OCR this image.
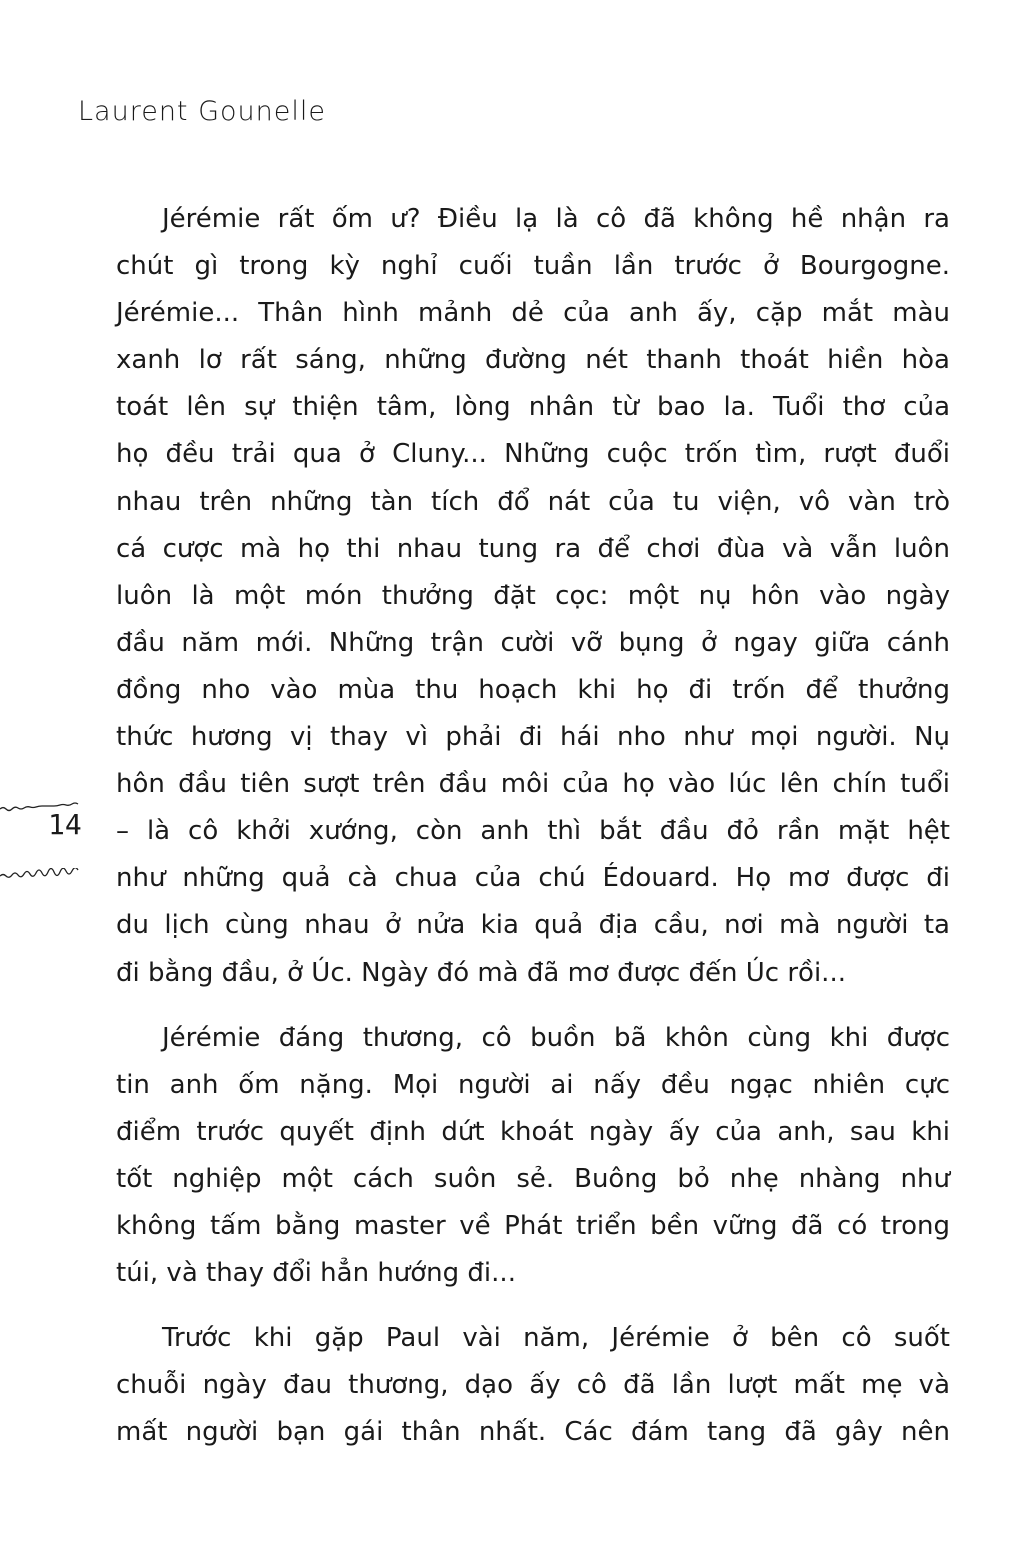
Laurent Gounelle
14
Jérémie rất ốm ư? Điều lạ là cô đã không hề nhận ra
chút gì trong kỳ nghỉ cuối tuần lần trước ở Bourgogne.
Jérémie... Thân hình mảnh dẻ của anh ấy, cặp mắt màu
xanh lơ rất sáng, những đường nét thanh thoát hiền hòa
toát lên sự thiện tâm, lòng nhân từ bao la. Tuổi thơ của
họ đều trải qua ở Cluny... Những cuộc trốn tìm, rượt đuổi
nhau trên những tàn tích đổ nát của tu viện, vô vàn trò
cá cược mà họ thi nhau tung ra để chơi đùa và vẫn luôn
luôn là một món thưởng đặt cọc: một nụ hôn vào ngày
đầu năm mới. Những trận cười vỡ bụng ở ngay giữa cánh
đồng nho vào mùa thu hoạch khi họ đi trốn để thưởng
thức hương vị thay vì phải đi hái nho như mọi người. Nụ
hôn đầu tiên sượt trên đầu môi của họ vào lúc lên chín tuổi
– là cô khởi xướng, còn anh thì bắt đầu đỏ rần mặt hệt
như những quả cà chua của chú Édouard. Họ mơ được đi
du lịch cùng nhau ở nửa kia quả địa cầu, nơi mà người ta
đi bằng đầu, ở Úc. Ngày đó mà đã mơ được đến Úc rồi...
Jérémie đáng thương, cô buồn bã khôn cùng khi được
tin anh ốm nặng. Mọi người ai nấy đều ngạc nhiên cực
điểm trước quyết định dứt khoát ngày ấy của anh, sau khi
tốt nghiệp một cách suôn sẻ. Buông bỏ nhẹ nhàng như
không tấm bằng master về Phát triển bền vững đã có trong
túi, và thay đổi hẳn hướng đi...
Trước khi gặp Paul vài năm, Jérémie ở bên cô suốt
chuỗi ngày đau thương, dạo ấy cô đã lần lượt mất mẹ và
mất người bạn gái thân nhất. Các đám tang đã gây nên
